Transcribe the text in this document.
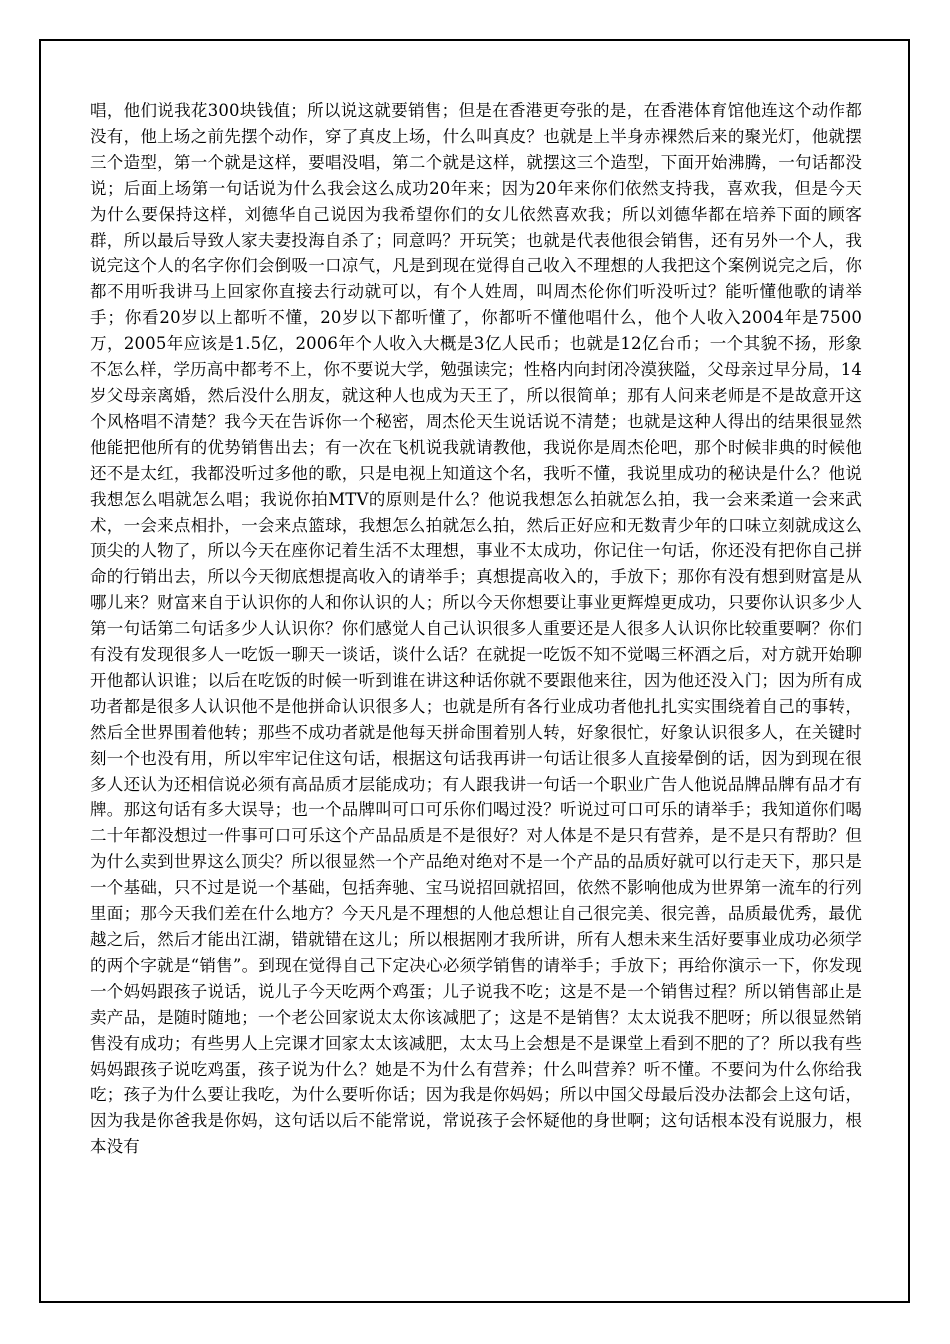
唱，他们说我花300块钱值；所以说这就要销售；但是在香港更夸张的是，在香港体育馆他连这个动作都没有，他上场之前先摆个动作，穿了真皮上场，什么叫真皮？也就是上半身赤裸然后来的聚光灯，他就摆三个造型，第一个就是这样，要唱没唱，第二个就是这样，就摆这三个造型，下面开始沸腾，一句话都没说；后面上场第一句话说为什么我会这么成功20年来；因为20年来你们依然支持我，喜欢我，但是今天为什么要保持这样，刘德华自己说因为我希望你们的女儿依然喜欢我；所以刘德华都在培养下面的顾客群，所以最后导致人家夫妻投海自杀了；同意吗？开玩笑；也就是代表他很会销售，还有另外一个人，我说完这个人的名字你们会倒吸一口凉气，凡是到现在觉得自己收入不理想的人我把这个案例说完之后，你都不用听我讲马上回家你直接去行动就可以，有个人姓周，叫周杰伦你们听没听过？能听懂他歌的请举手；你看20岁以上都听不懂，20岁以下都听懂了，你都听不懂他唱什么，他个人收入2004年是7500万，2005年应该是1.5亿，2006年个人收入大概是3亿人民币；也就是12亿台币；一个其貌不扬，形象不怎么样，学历高中都考不上，你不要说大学，勉强读完；性格内向封闭冷漠狭隘，父母亲过早分局，14岁父母亲离婚，然后没什么朋友，就这种人也成为天王了，所以很简单；那有人问来老师是不是故意开这个风格唱不清楚？我今天在告诉你一个秘密，周杰伦天生说话说不清楚；也就是这种人得出的结果很显然他能把他所有的优势销售出去；有一次在飞机说我就请教他，我说你是周杰伦吧，那个时候非典的时候他还不是太红，我都没听过多他的歌，只是电视上知道这个名，我听不懂，我说里成功的秘诀是什么？他说我想怎么唱就怎么唱；我说你拍MTV的原则是什么？他说我想怎么拍就怎么拍，我一会来柔道一会来武术，一会来点相扑，一会来点篮球，我想怎么拍就怎么拍，然后正好应和无数青少年的口味立刻就成这么顶尖的人物了，所以今天在座你记着生活不太理想，事业不太成功，你记住一句话，你还没有把你自己拼命的行销出去，所以今天彻底想提高收入的请举手；真想提高收入的，手放下；那你有没有想到财富是从哪儿来？财富来自于认识你的人和你认识的人；所以今天你想要让事业更辉煌更成功，只要你认识多少人第一句话第二句话多少人认识你？你们感觉人自己认识很多人重要还是人很多人认识你比较重要啊？你们有没有发现很多人一吃饭一聊天一谈话，谈什么话？在就捉一吃饭不知不觉喝三杯酒之后，对方就开始聊开他都认识谁；以后在吃饭的时候一听到谁在讲这种话你就不要跟他来往，因为他还没入门；因为所有成功者都是很多人认识他不是他拼命认识很多人；也就是所有各行业成功者他扎扎实实围绕着自己的事转，然后全世界围着他转；那些不成功者就是他每天拼命围着别人转，好象很忙，好象认识很多人，在关键时刻一个也没有用，所以牢牢记住这句话，根据这句话我再讲一句话让很多人直接晕倒的话，因为到现在很多人还认为还相信说必须有高品质才层能成功；有人跟我讲一句话一个职业广告人他说品牌品牌有品才有牌。那这句话有多大误导；也一个品牌叫可口可乐你们喝过没？听说过可口可乐的请举手；我知道你们喝二十年都没想过一件事可口可乐这个产品品质是不是很好？对人体是不是只有营养，是不是只有帮助？但为什么卖到世界这么顶尖？所以很显然一个产品绝对绝对不是一个产品的品质好就可以行走天下，那只是一个基础，只不过是说一个基础，包括奔驰、宝马说招回就招回，依然不影响他成为世界第一流车的行列里面；那今天我们差在什么地方？今天凡是不理想的人他总想让自己很完美、很完善，品质最优秀，最优越之后，然后才能出江湖，错就错在这儿；所以根据刚才我所讲，所有人想未来生活好要事业成功必须学的两个字就是“销售”。到现在觉得自己下定决心必须学销售的请举手；手放下；再给你演示一下，你发现一个妈妈跟孩子说话，说儿子今天吃两个鸡蛋；儿子说我不吃；这是不是一个销售过程？所以销售部止是卖产品，是随时随地；一个老公回家说太太你该减肥了；这是不是销售？太太说我不肥呀；所以很显然销售没有成功；有些男人上完课才回家太太该减肥，太太马上会想是不是课堂上看到不肥的了？所以我有些妈妈跟孩子说吃鸡蛋，孩子说为什么？她是不为什么有营养；什么叫营养？听不懂。不要问为什么你给我吃；孩子为什么要让我吃，为什么要听你话；因为我是你妈妈；所以中国父母最后没办法都会上这句话，因为我是你爸我是你妈，这句话以后不能常说，常说孩子会怀疑他的身世啊；这句话根本没有说服力，根本没有
